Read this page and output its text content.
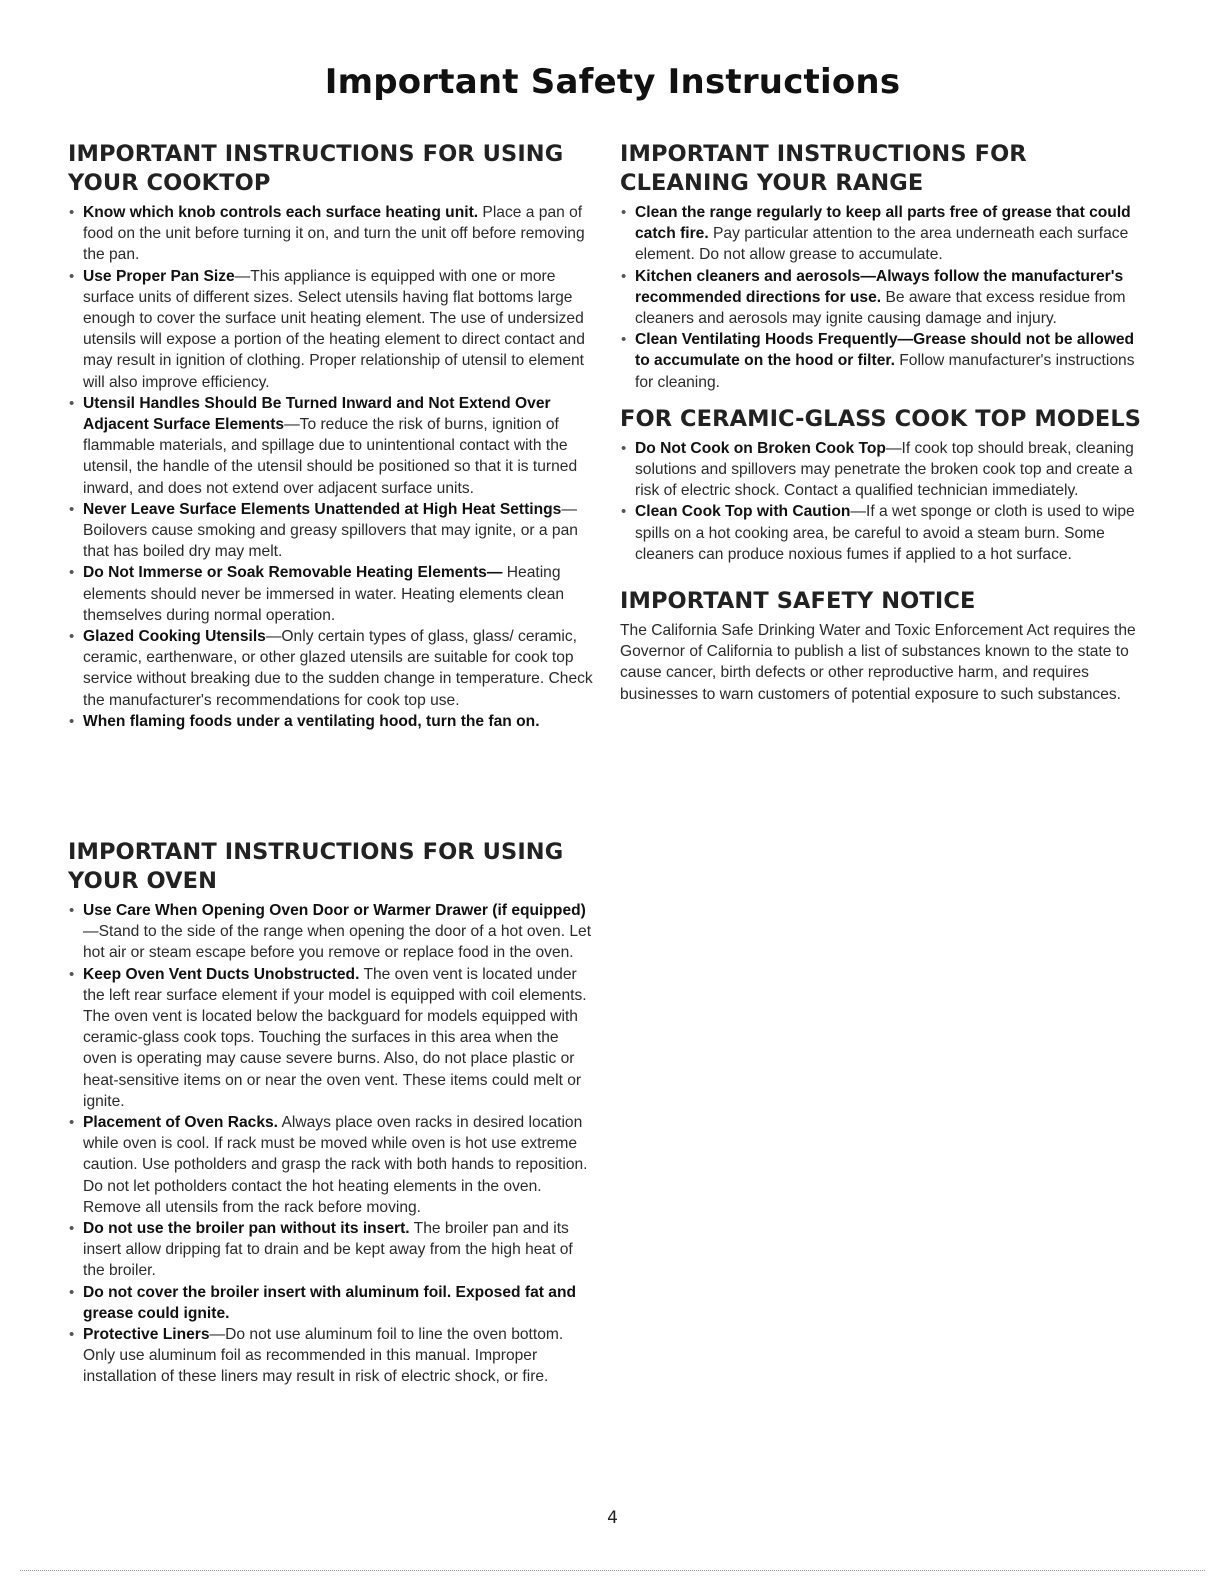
Important Safety Instructions
IMPORTANT INSTRUCTIONS FOR USING YOUR COOKTOP
• Know which knob controls each surface heating unit. Place a pan of food on the unit before turning it on, and turn the unit off before removing the pan.
• Use Proper Pan Size—This appliance is equipped with one or more surface units of different sizes. Select utensils having flat bottoms large enough to cover the surface unit heating element. The use of undersized utensils will expose a portion of the heating element to direct contact and may result in ignition of clothing. Proper relationship of utensil to element will also improve efficiency.
• Utensil Handles Should Be Turned Inward and Not Extend Over Adjacent Surface Elements—To reduce the risk of burns, ignition of flammable materials, and spillage due to unintentional contact with the utensil, the handle of the utensil should be positioned so that it is turned inward, and does not extend over adjacent surface units.
• Never Leave Surface Elements Unattended at High Heat Settings—Boilovers cause smoking and greasy spillovers that may ignite, or a pan that has boiled dry may melt.
• Do Not Immerse or Soak Removable Heating Elements— Heating elements should never be immersed in water. Heating elements clean themselves during normal operation.
• Glazed Cooking Utensils—Only certain types of glass, glass/ ceramic, ceramic, earthenware, or other glazed utensils are suitable for cook top service without breaking due to the sudden change in temperature. Check the manufacturer's recommendations for cook top use.
• When flaming foods under a ventilating hood, turn the fan on.
IMPORTANT INSTRUCTIONS FOR USING YOUR OVEN
• Use Care When Opening Oven Door or Warmer Drawer (if equipped)—Stand to the side of the range when opening the door of a hot oven. Let hot air or steam escape before you remove or replace food in the oven.
• Keep Oven Vent Ducts Unobstructed. The oven vent is located under the left rear surface element if your model is equipped with coil elements. The oven vent is located below the backguard for models equipped with ceramic-glass cook tops. Touching the surfaces in this area when the oven is operating may cause severe burns. Also, do not place plastic or heat-sensitive items on or near the oven vent. These items could melt or ignite.
• Placement of Oven Racks. Always place oven racks in desired location while oven is cool. If rack must be moved while oven is hot use extreme caution. Use potholders and grasp the rack with both hands to reposition. Do not let potholders contact the hot heating elements in the oven. Remove all utensils from the rack before moving.
• Do not use the broiler pan without its insert. The broiler pan and its insert allow dripping fat to drain and be kept away from the high heat of the broiler.
• Do not cover the broiler insert with aluminum foil. Exposed fat and grease could ignite.
• Protective Liners—Do not use aluminum foil to line the oven bottom. Only use aluminum foil as recommended in this manual. Improper installation of these liners may result in risk of electric shock, or fire.
IMPORTANT INSTRUCTIONS FOR CLEANING YOUR RANGE
• Clean the range regularly to keep all parts free of grease that could catch fire. Pay particular attention to the area underneath each surface element. Do not allow grease to accumulate.
• Kitchen cleaners and aerosols—Always follow the manufacturer's recommended directions for use. Be aware that excess residue from cleaners and aerosols may ignite causing damage and injury.
• Clean Ventilating Hoods Frequently—Grease should not be allowed to accumulate on the hood or filter. Follow manufacturer's instructions for cleaning.
FOR CERAMIC-GLASS COOK TOP MODELS
• Do Not Cook on Broken Cook Top—If cook top should break, cleaning solutions and spillovers may penetrate the broken cook top and create a risk of electric shock. Contact a qualified technician immediately.
• Clean Cook Top with Caution—If a wet sponge or cloth is used to wipe spills on a hot cooking area, be careful to avoid a steam burn. Some cleaners can produce noxious fumes if applied to a hot surface.
IMPORTANT SAFETY NOTICE

The California Safe Drinking Water and Toxic Enforcement Act requires the Governor of California to publish a list of substances known to the state to cause cancer, birth defects or other reproductive harm, and requires businesses to warn customers of potential exposure to such substances.

4
